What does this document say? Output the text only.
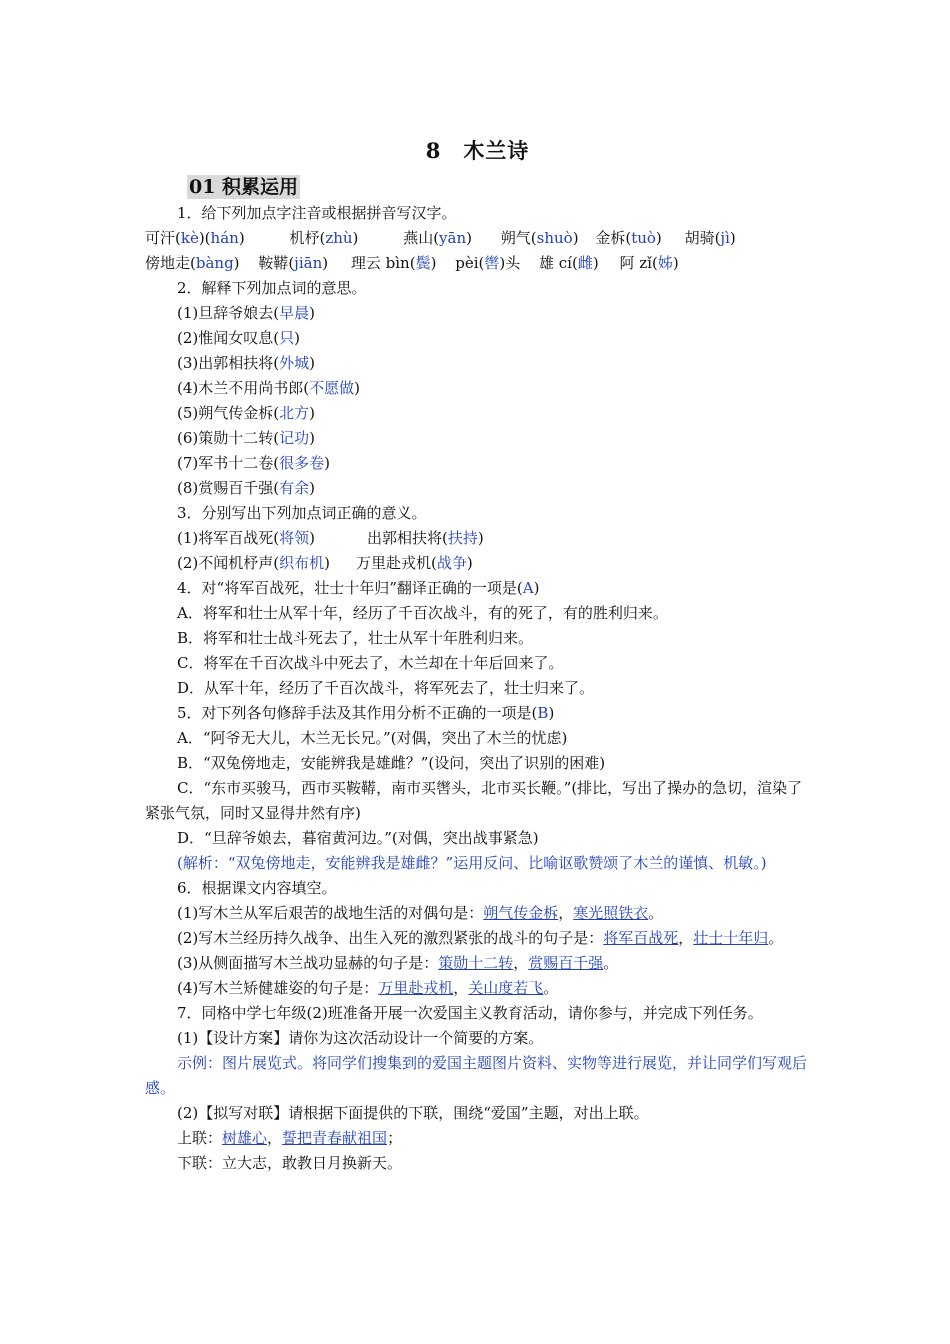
8 木兰诗
01 积累运用
1．给下列加点字注音或根据拼音写汉字。
可汗(kè)(hán)	机杼(zhù)	燕山(yān) 朔气(shuò) 金柝(tuò) 胡骑(jì)
傍地走(bàng) 鞍鞯(jiān) 理云 bìn(鬓) pèi(辔)头 雄 cí(雌) 阿 zǐ(姊)
2．解释下列加点词的意思。
(1)旦辞爷娘去(早晨)
(2)惟闻女叹息(只)
(3)出郭相扶将(外城)
(4)木兰不用尚书郎(不愿做)
(5)朔气传金柝(北方)
(6)策勋十二转(记功)
(7)军书十二卷(很多卷)
(8)赏赐百千强(有余)
3．分别写出下列加点词正确的意义。
(1)将军百战死(将领)	出郭相扶将(扶持)
(2)不闻机杼声(织布机) 万里赴戎机(战争)
4．对“将军百战死，壮士十年归”翻译正确的一项是(A)
A．将军和壮士从军十年，经历了千百次战斗，有的死了，有的胜利归来。
B．将军和壮士战斗死去了，壮士从军十年胜利归来。
C．将军在千百次战斗中死去了，木兰却在十年后回来了。
D．从军十年，经历了千百次战斗，将军死去了，壮士归来了。
5．对下列各句修辞手法及其作用分析不正确的一项是(B)
A．“阿爷无大儿，木兰无长兄。”(对偶，突出了木兰的忧虑)
B．“双兔傍地走，安能辨我是雄雌？”(设问，突出了识别的困难)
C．“东市买骏马，西市买鞍鞯，南市买辔头，北市买长鞭。”(排比，写出了操办的急切，渲染了紧张气氛，同时又显得井然有序)
D．“旦辞爷娘去，暮宿黄河边。”(对偶，突出战事紧急)
(解析：“双兔傍地走，安能辨我是雄雌？”运用反问、比喻讴歌赞颂了木兰的谨慎、机敏。)
6．根据课文内容填空。
(1)写木兰从军后艰苦的战地生活的对偶句是：朔气传金柝，寒光照铁衣。
(2)写木兰经历持久战争、出生入死的激烈紧张的战斗的句子是：将军百战死，壮士十年归。
(3)从侧面描写木兰战功显赫的句子是：策勋十二转，赏赐百千强。
(4)写木兰矫健雄姿的句子是：万里赴戎机，关山度若飞。
7．同格中学七年级(2)班准备开展一次爱国主义教育活动，请你参与，并完成下列任务。
(1)【设计方案】请你为这次活动设计一个简要的方案。
示例：图片展览式。将同学们搜集到的爱国主题图片资料、实物等进行展览，并让同学们写观后感。
(2)【拟写对联】请根据下面提供的下联，围绕“爱国”主题，对出上联。
上联：树雄心，誓把青春献祖国；
下联：立大志，敢教日月换新天。
